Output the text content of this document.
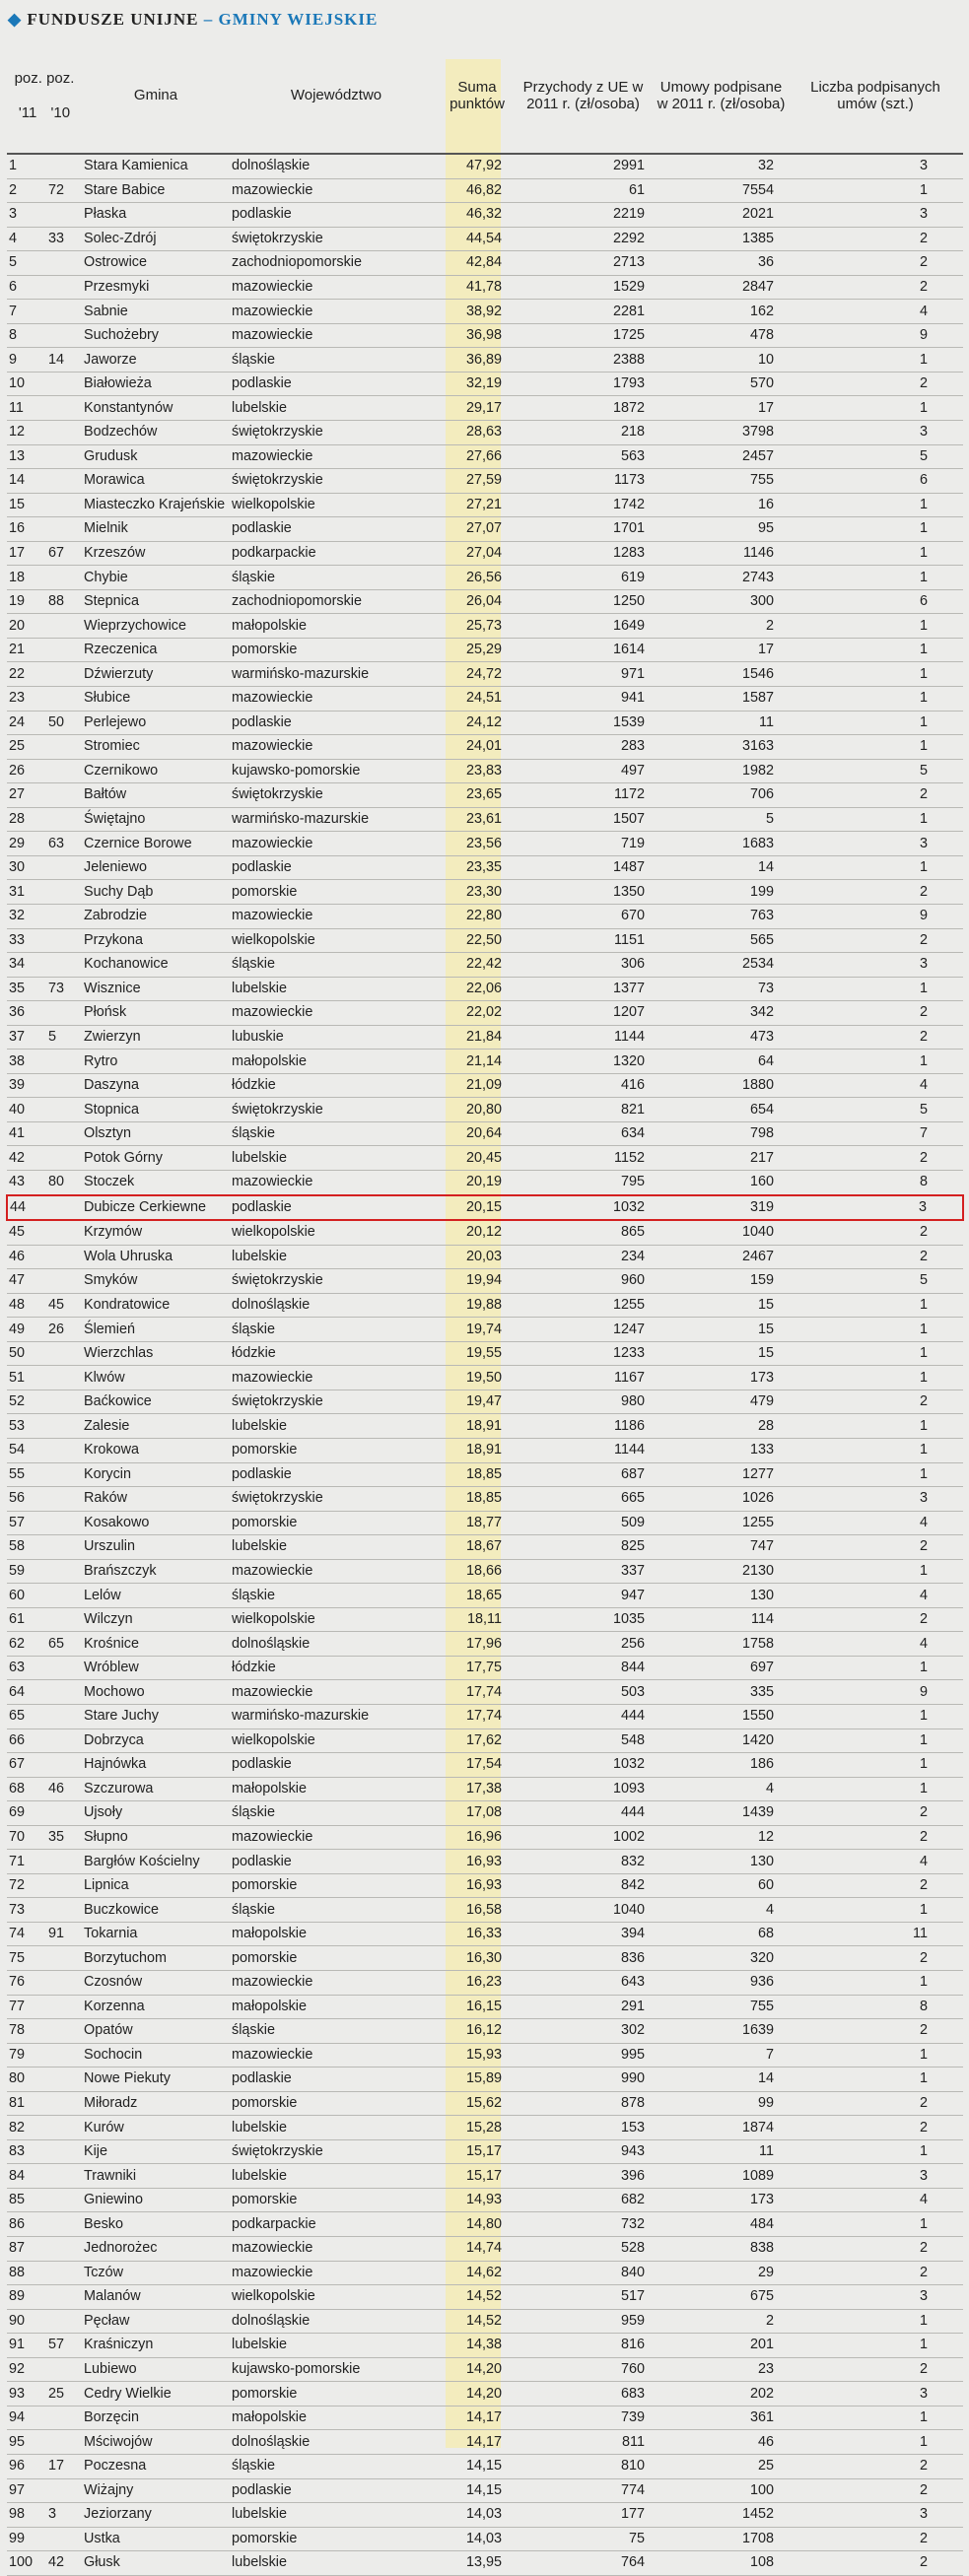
◆ FUNDUSZE UNIJNE – GMINY WIEJSKIE
poz. poz.
'11 '10		Gmina	Województwo	Suma punktów	Przychody z UE w 2011 r. (zł/osoba)	Umowy podpisane w 2011 r. (zł/osoba)	Liczba podpisanych umów (szt.)
1		Stara Kamienica	dolnośląskie	47,92	2991	32	3
2	72	Stare Babice	mazowieckie	46,82	61	7554	1
3		Płaska	podlaskie	46,32	2219	2021	3
4	33	Solec-Zdrój	świętokrzyskie	44,54	2292	1385	2
5		Ostrowice	zachodniopomorskie	42,84	2713	36	2
6		Przesmyki	mazowieckie	41,78	1529	2847	2
7		Sabnie	mazowieckie	38,92	2281	162	4
8		Suchożebry	mazowieckie	36,98	1725	478	9
9	14	Jaworze	śląskie	36,89	2388	10	1
10		Białowieża	podlaskie	32,19	1793	570	2
11		Konstantynów	lubelskie	29,17	1872	17	1
12		Bodzechów	świętokrzyskie	28,63	218	3798	3
13		Grudusk	mazowieckie	27,66	563	2457	5
14		Morawica	świętokrzyskie	27,59	1173	755	6
15		Miasteczko Krajeńskie	wielkopolskie	27,21	1742	16	1
16		Mielnik	podlaskie	27,07	1701	95	1
17	67	Krzeszów	podkarpackie	27,04	1283	1146	1
18		Chybie	śląskie	26,56	619	2743	1
19	88	Stepnica	zachodniopomorskie	26,04	1250	300	6
20		Wieprzychowice	małopolskie	25,73	1649	2	1
21		Rzeczenica	pomorskie	25,29	1614	17	1
22		Dźwierzuty	warmińsko-mazurskie	24,72	971	1546	1
23		Słubice	mazowieckie	24,51	941	1587	1
24	50	Perlejewo	podlaskie	24,12	1539	11	1
25		Stromiec	mazowieckie	24,01	283	3163	1
26		Czernikowo	kujawsko-pomorskie	23,83	497	1982	5
27		Bałtów	świętokrzyskie	23,65	1172	706	2
28		Świętajno	warmińsko-mazurskie	23,61	1507	5	1
29	63	Czernice Borowe	mazowieckie	23,56	719	1683	3
30		Jeleniewo	podlaskie	23,35	1487	14	1
31		Suchy Dąb	pomorskie	23,30	1350	199	2
32		Zabrodzie	mazowieckie	22,80	670	763	9
33		Przykona	wielkopolskie	22,50	1151	565	2
34		Kochanowice	śląskie	22,42	306	2534	3
35	73	Wisznice	lubelskie	22,06	1377	73	1
36		Płońsk	mazowieckie	22,02	1207	342	2
37	5	Zwierzyn	lubuskie	21,84	1144	473	2
38		Rytro	małopolskie	21,14	1320	64	1
39		Daszyna	łódzkie	21,09	416	1880	4
40		Stopnica	świętokrzyskie	20,80	821	654	5
41		Olsztyn	śląskie	20,64	634	798	7
42		Potok Górny	lubelskie	20,45	1152	217	2
43	80	Stoczek	mazowieckie	20,19	795	160	8
44		Dubicze Cerkiewne	podlaskie	20,15	1032	319	3
45		Krzymów	wielkopolskie	20,12	865	1040	2
46		Wola Uhruska	lubelskie	20,03	234	2467	2
47		Smyków	świętokrzyskie	19,94	960	159	5
48	45	Kondratowice	dolnośląskie	19,88	1255	15	1
49	26	Ślemień	śląskie	19,74	1247	15	1
50		Wierzchlas	łódzkie	19,55	1233	15	1
51		Klwów	mazowieckie	19,50	1167	173	1
52		Baćkowice	świętokrzyskie	19,47	980	479	2
53		Zalesie	lubelskie	18,91	1186	28	1
54		Krokowa	pomorskie	18,91	1144	133	1
55		Korycin	podlaskie	18,85	687	1277	1
56		Raków	świętokrzyskie	18,85	665	1026	3
57		Kosakowo	pomorskie	18,77	509	1255	4
58		Urszulin	lubelskie	18,67	825	747	2
59		Brańszczyk	mazowieckie	18,66	337	2130	1
60		Lelów	śląskie	18,65	947	130	4
61		Wilczyn	wielkopolskie	18,11	1035	114	2
62	65	Krośnice	dolnośląskie	17,96	256	1758	4
63		Wróblew	łódzkie	17,75	844	697	1
64		Mochowo	mazowieckie	17,74	503	335	9
65		Stare Juchy	warmińsko-mazurskie	17,74	444	1550	1
66		Dobrzyca	wielkopolskie	17,62	548	1420	1
67		Hajnówka	podlaskie	17,54	1032	186	1
68	46	Szczurowa	małopolskie	17,38	1093	4	1
69		Ujsoły	śląskie	17,08	444	1439	2
70	35	Słupno	mazowieckie	16,96	1002	12	2
71		Bargłów Kościelny	podlaskie	16,93	832	130	4
72		Lipnica	pomorskie	16,93	842	60	2
73		Buczkowice	śląskie	16,58	1040	4	1
74	91	Tokarnia	małopolskie	16,33	394	68	11
75		Borzytuchom	pomorskie	16,30	836	320	2
76		Czosnów	mazowieckie	16,23	643	936	1
77		Korzenna	małopolskie	16,15	291	755	8
78		Opatów	śląskie	16,12	302	1639	2
79		Sochocin	mazowieckie	15,93	995	7	1
80		Nowe Piekuty	podlaskie	15,89	990	14	1
81		Miłoradz	pomorskie	15,62	878	99	2
82		Kurów	lubelskie	15,28	153	1874	2
83		Kije	świętokrzyskie	15,17	943	11	1
84		Trawniki	lubelskie	15,17	396	1089	3
85		Gniewino	pomorskie	14,93	682	173	4
86		Besko	podkarpackie	14,80	732	484	1
87		Jednorożec	mazowieckie	14,74	528	838	2
88		Tczów	mazowieckie	14,62	840	29	2
89		Malanów	wielkopolskie	14,52	517	675	3
90		Pęcław	dolnośląskie	14,52	959	2	1
91	57	Kraśniczyn	lubelskie	14,38	816	201	1
92		Lubiewo	kujawsko-pomorskie	14,20	760	23	2
93	25	Cedry Wielkie	pomorskie	14,20	683	202	3
94		Borzęcin	małopolskie	14,17	739	361	1
95		Mściwojów	dolnośląskie	14,17	811	46	1
96	17	Poczesna	śląskie	14,15	810	25	2
97		Wiżajny	podlaskie	14,15	774	100	2
98	3	Jeziorzany	lubelskie	14,03	177	1452	3
99		Ustka	pomorskie	14,03	75	1708	2
100	42	Głusk	lubelskie	13,95	764	108	2
